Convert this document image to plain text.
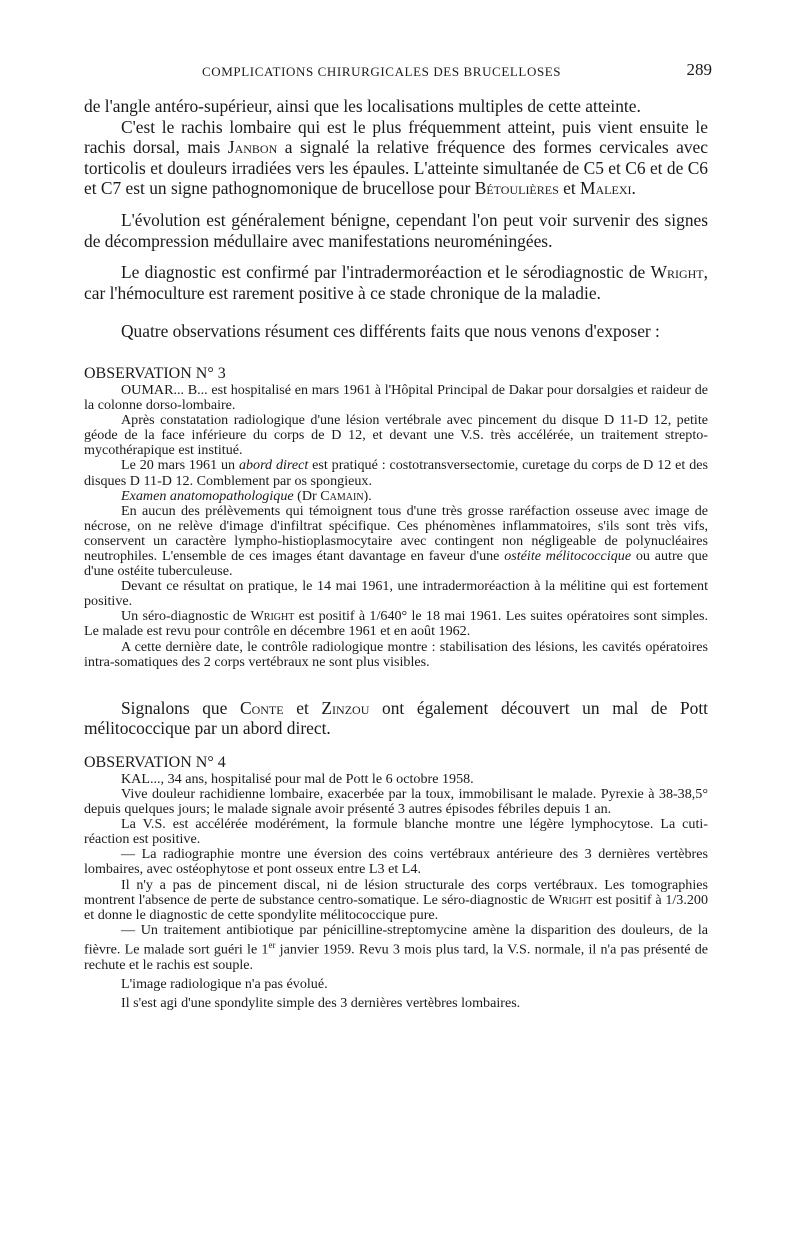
COMPLICATIONS CHIRURGICALES DES BRUCELLOSES	289

de l'angle antéro-supérieur, ainsi que les localisations multiples de cette atteinte.

C'est le rachis lombaire qui est le plus fréquemment atteint, puis vient ensuite le rachis dorsal, mais Janbon a signalé la relative fréquence des formes cervicales avec torticolis et douleurs irradiées vers les épaules. L'atteinte simultanée de C5 et C6 et de C6 et C7 est un signe pathognomonique de brucellose pour Bétoulières et Malexi.

L'évolution est généralement bénigne, cependant l'on peut voir survenir des signes de décompression médullaire avec manifestations neuroméningées.

Le diagnostic est confirmé par l'intradermoréaction et le sérodiagnostic de Wright, car l'hémoculture est rarement positive à ce stade chronique de la maladie.

Quatre observations résument ces différents faits que nous venons d'exposer :

OBSERVATION N° 3

OUMAR... B... est hospitalisé en mars 1961 à l'Hôpital Principal de Dakar pour dorsalgies et raideur de la colonne dorso-lombaire.

Après constatation radiologique d'une lésion vertébrale avec pincement du disque D 11-D 12, petite géode de la face inférieure du corps de D 12, et devant une V.S. très accélérée, un traitement strepto-mycothérapique est institué.

Le 20 mars 1961 un abord direct est pratiqué : costotransversectomie, curetage du corps de D 12 et des disques D 11-D 12. Comblement par os spongieux.

Examen anatomopathologique (Dr Camain).

En aucun des prélèvements qui témoignent tous d'une très grosse raréfaction osseuse avec image de nécrose, on ne relève d'image d'infiltrat spécifique. Ces phénomènes inflammatoires, s'ils sont très vifs, conservent un caractère lympho-histioplasmocytaire avec contingent non négligeable de polynucléaires neutrophiles. L'ensemble de ces images étant davantage en faveur d'une ostéite mélitococcique ou autre que d'une ostéite tuberculeuse.

Devant ce résultat on pratique, le 14 mai 1961, une intradermoréaction à la mélitine qui est fortement positive.

Un séro-diagnostic de Wright est positif à 1/640° le 18 mai 1961. Les suites opératoires sont simples. Le malade est revu pour contrôle en décembre 1961 et en août 1962.

A cette dernière date, le contrôle radiologique montre : stabilisation des lésions, les cavités opératoires intra-somatiques des 2 corps vertébraux ne sont plus visibles.

Signalons que Conte et Zinzou ont également découvert un mal de Pott mélitococcique par un abord direct.

OBSERVATION N° 4

KAL..., 34 ans, hospitalisé pour mal de Pott le 6 octobre 1958.

Vive douleur rachidienne lombaire, exacerbée par la toux, immobilisant le malade. Pyrexie à 38-38,5° depuis quelques jours; le malade signale avoir présenté 3 autres épisodes fébriles depuis 1 an.

La V.S. est accélérée modérément, la formule blanche montre une légère lymphocytose. La cuti-réaction est positive.

— La radiographie montre une éversion des coins vertébraux antérieure des 3 dernières vertèbres lombaires, avec ostéophytose et pont osseux entre L3 et L4.

Il n'y a pas de pincement discal, ni de lésion structurale des corps vertébraux. Les tomographies montrent l'absence de perte de substance centro-somatique. Le séro-diagnostic de Wright est positif à 1/3.200 et donne le diagnostic de cette spondylite mélitococcique pure.

— Un traitement antibiotique par pénicilline-streptomycine amène la disparition des douleurs, de la fièvre. Le malade sort guéri le 1er janvier 1959. Revu 3 mois plus tard, la V.S. normale, il n'a pas présenté de rechute et le rachis est souple.

L'image radiologique n'a pas évolué.

Il s'est agi d'une spondylite simple des 3 dernières vertèbres lombaires.
